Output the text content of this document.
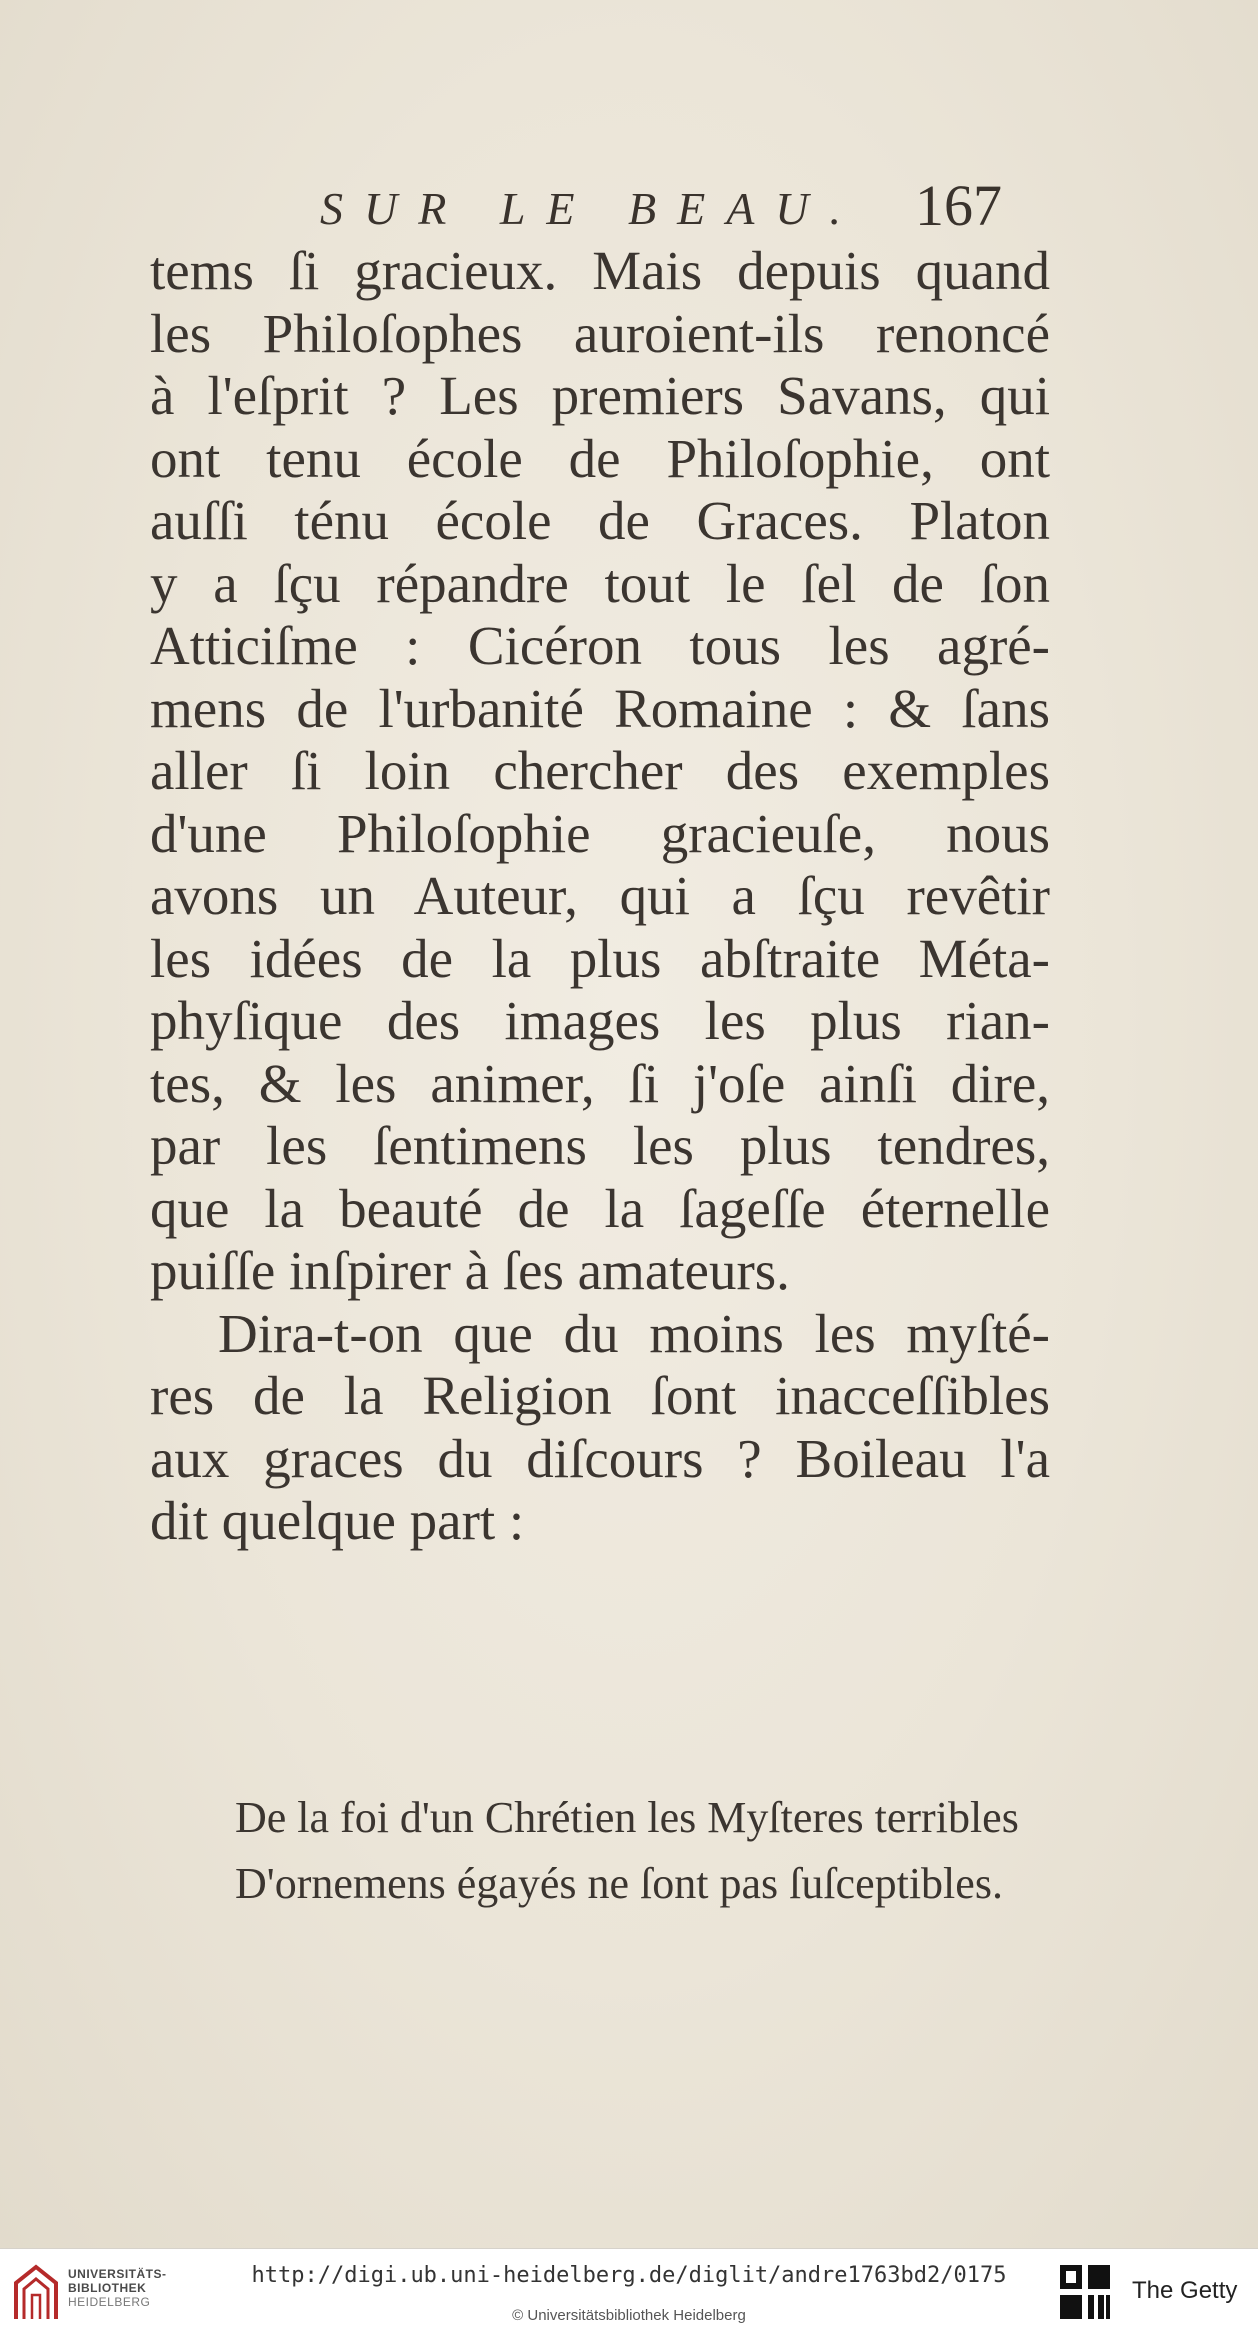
SUR LE BEAU. 167
tems ſi gracieux. Mais depuis quand
les Philoſophes auroient-ils renoncé
à l'eſprit ? Les premiers Savans, qui
ont tenu école de Philoſophie, ont
auſſi ténu école de Graces. Platon
y a ſçu répandre tout le ſel de ſon
Atticiſme : Cicéron tous les agré-
mens de l'urbanité Romaine : & ſans
aller ſi loin chercher des exemples
d'une Philoſophie gracieuſe, nous
avons un Auteur, qui a ſçu revêtir
les idées de la plus abſtraite Méta-
phyſique des images les plus rian-
tes, & les animer, ſi j'oſe ainſi dire,
par les ſentimens les plus tendres,
que la beauté de la ſageſſe éternelle
puiſſe inſpirer à ſes amateurs.
Dira-t-on que du moins les myſté-
res de la Religion ſont inacceſſibles
aux graces du diſcours ? Boileau l'a
dit quelque part :
De la foi d'un Chrétien les Myſteres terribles
D'ornemens égayés ne ſont pas ſuſceptibles.
UNIVERSITÄTS-
BIBLIOTHEK
HEIDELBERG
http://digi.ub.uni-heidelberg.de/diglit/andre1763bd2/0175
© Universitätsbibliothek Heidelberg
The Getty
